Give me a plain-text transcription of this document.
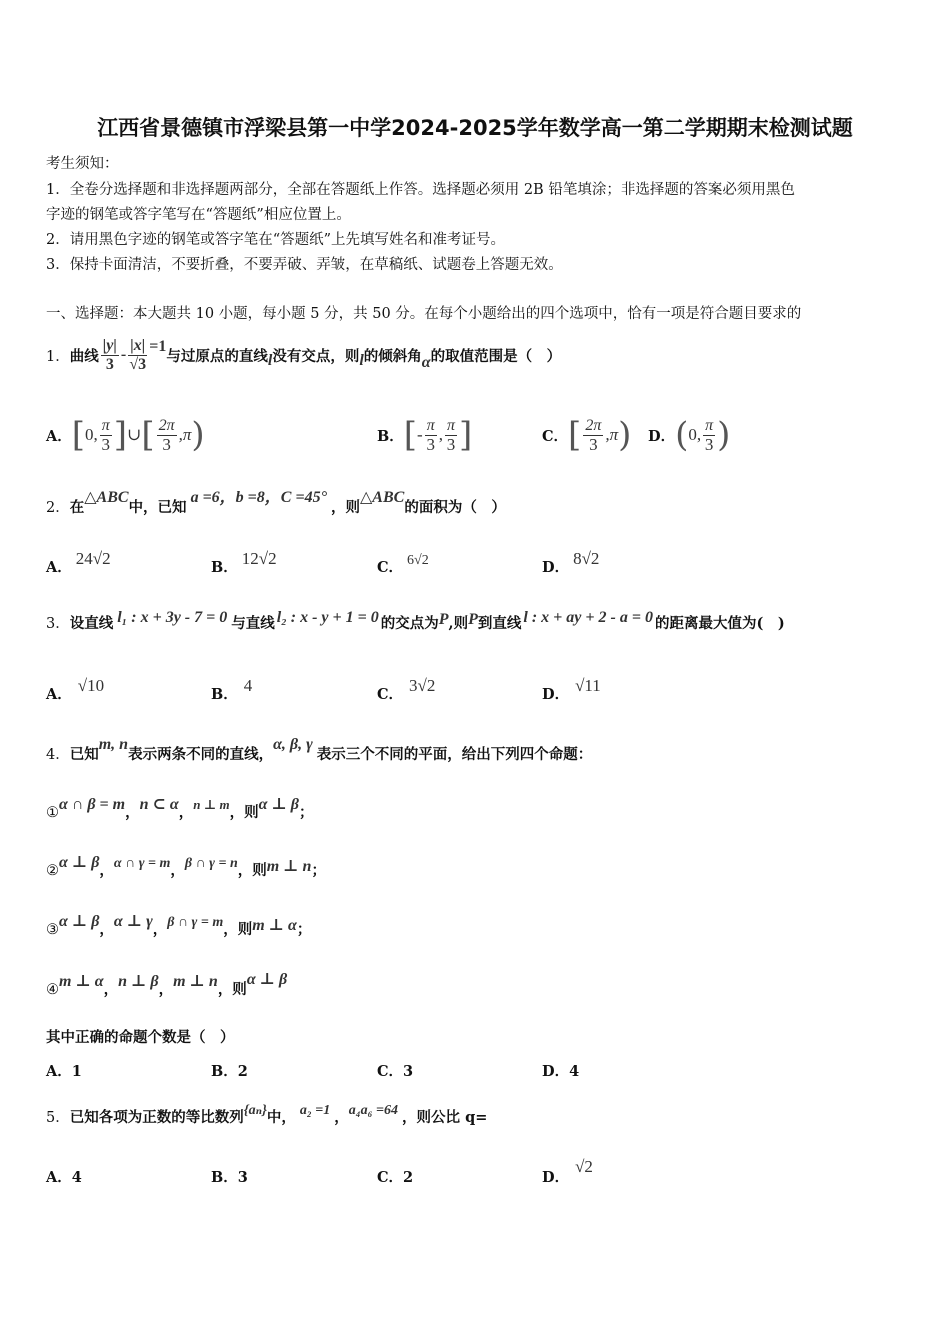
江西省景德镇市浮梁县第一中学2024-2025学年数学高一第二学期期末检测试题
考生须知：
1．全卷分选择题和非选择题两部分，全部在答题纸上作答。选择题必须用 2B 铅笔填涂；非选择题的答案必须用黑色
字迹的钢笔或答字笔写在“答题纸”相应位置上。
2．请用黑色字迹的钢笔或答字笔在“答题纸”上先填写姓名和准考证号。
3．保持卡面清洁，不要折叠，不要弄破、弄皱，在草稿纸、试题卷上答题无效。
一、选择题：本大题共 10 小题，每小题 5 分，共 50 分。在每个小题给出的四个选项中，恰有一项是符合题目要求的
1． 曲线 $\frac{|y|}{3} - \frac{|x|}{√3} =1$
与过原点的直线 l 没有交点，则 l 的倾斜角 α 的取值范围是（　）
A． [ 0, $\frac{\pi}{3}$ ] ∪ [ $\frac{2\pi}{3} ,\pi$ )	B． [ - $\frac{\pi}{3}$ , $\frac{\pi}{3}$ ]	C． [ $\frac{2\pi}{3} ,\pi$ ) D． ( 0, $\frac{\pi}{3}$ )
2．在△ABC中，已知a =6，b =8，C =45°，则△ABC的面积为（　）
A． 24√2	B． 12√2	C． 6√2	D． 8√2
3．设直线 l₁ : x + 3y - 7 = 0 与直线 l₂ : x - y + 1 = 0 的交点为P,则P到直线 l : x + ay + 2 - a = 0 的距离最大值为(　)
A． √10	B． 4	C． 3√2	D． √11
4．已知m, n表示两条不同的直线，α, β, γ表示三个不同的平面，给出下列四个命题：
①α ∩ β = m，n ⊂ α，n ⊥ m，则α ⊥ β；
②α ⊥ β，α ∩ γ = m，β ∩ γ = n，则m ⊥ n；
③α ⊥ β，α ⊥ γ，β ∩ γ = m，则m ⊥ α；
④m ⊥ α，n ⊥ β，m ⊥ n，则α ⊥ β
其中正确的命题个数是（　）
A．1	B．2	C．3	D．4
5．已知各项为正数的等比数列{aₙ}中， a₂ =1 ，a₄a₆ =64 ，则公比 q=
A．4	B．3	C．2	D．√2
